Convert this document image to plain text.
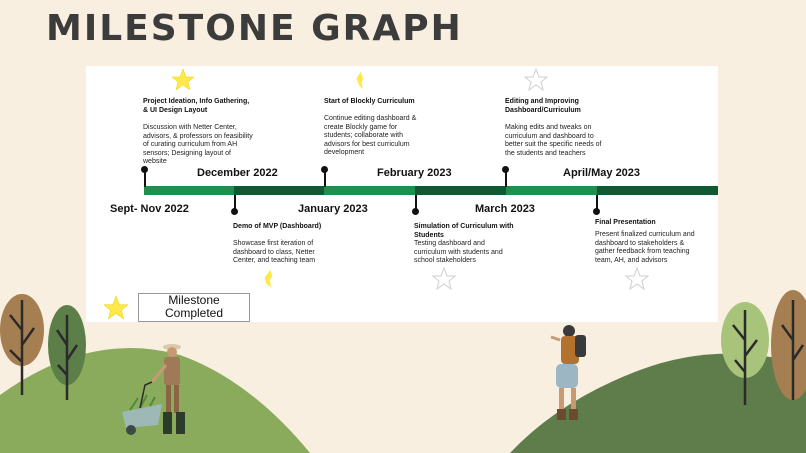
MILESTONE GRAPH
Sept- Nov 2022
December 2022
January 2023
February 2023
March 2023
April/May 2023
Project Ideation, Info Gathering, & UI Design Layout
Discussion with Netter Center, advisors, & professors on feasibility of curating curriculum from AH sensors; Designing layout of website
Demo of MVP (Dashboard)
Showcase first iteration of dashboard to class, Netter Center, and teaching team
Start of Blockly Curriculum
Continue editing dashboard & create Blockly game for students; collaborate with advisors for best curriculum development
Simulation of Curriculum with Students
Testing dashboard and curriculum with students and school stakeholders
Editing and Improving Dashboard/Curriculum
Making edits and tweaks on curriculum and dashboard to better suit the specific needs of the students and teachers
Final Presentation
Present finalized curriculum and dashboard to stakeholders & gather feedback from teaching team, AH, and advisors
Milestone Completed
